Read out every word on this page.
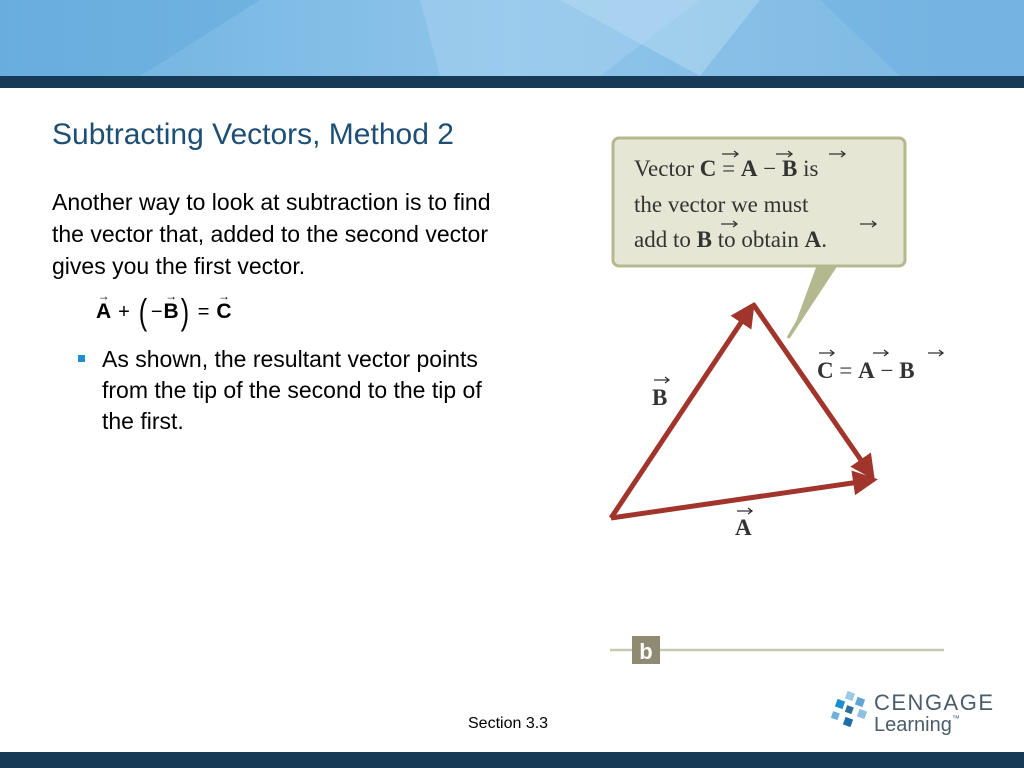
Subtracting Vectors, Method 2

Another way to look at subtraction is to find the vector that, added to the second vector gives you the first vector.

→ A + ( − → B ) = → C

As shown, the resultant vector points from the tip of the second to the tip of the first.

Vector C = A − B is
the vector we must
add to B to obtain A.
B
A
C = A − B
b
Section 3.3
CENGAGE
Learning™
